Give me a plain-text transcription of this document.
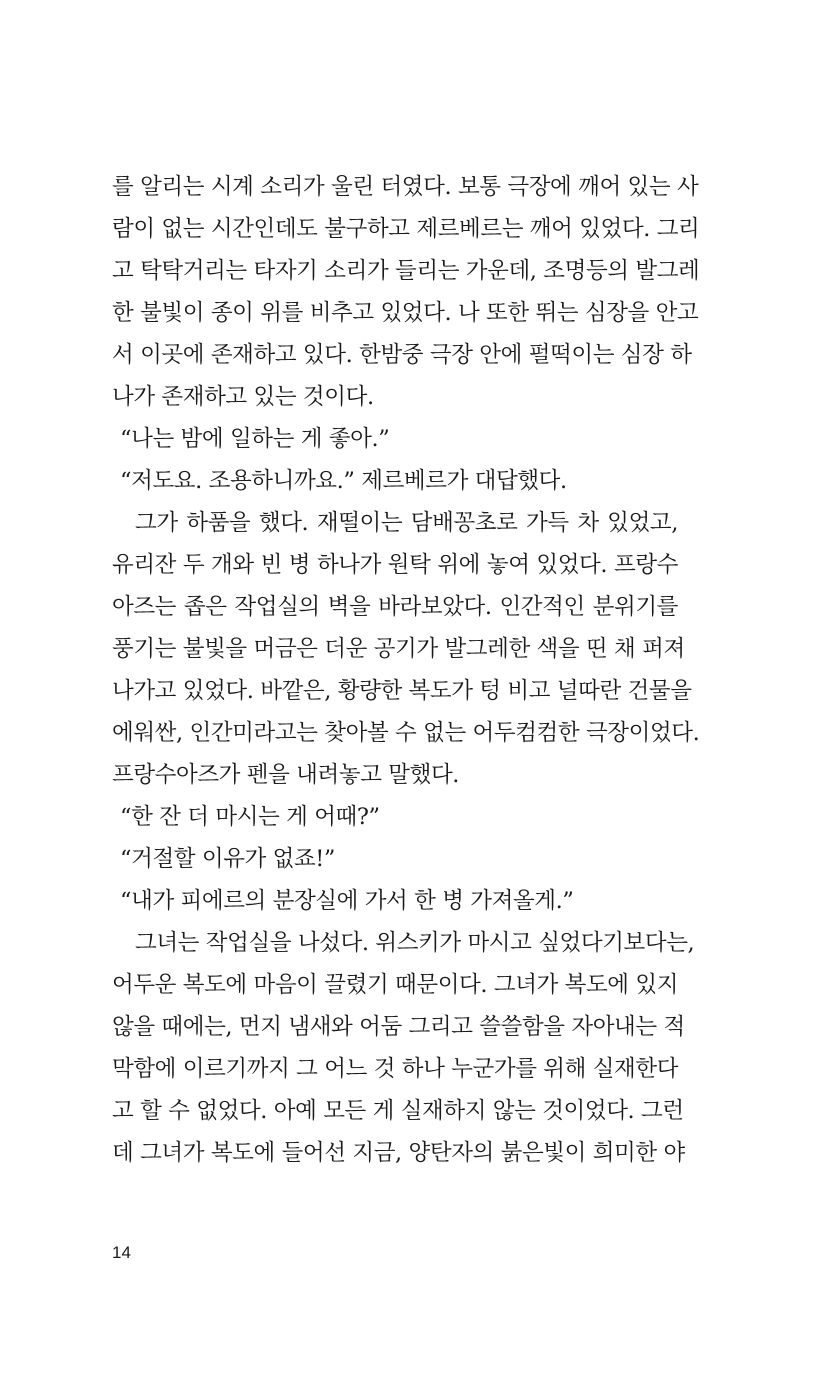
를 알리는 시계 소리가 울린 터였다. 보통 극장에 깨어 있는 사
람이 없는 시간인데도 불구하고 제르베르는 깨어 있었다. 그리
고 탁탁거리는 타자기 소리가 들리는 가운데, 조명등의 발그레
한 불빛이 종이 위를 비추고 있었다. 나 또한 뛰는 심장을 안고
서 이곳에 존재하고 있다. 한밤중 극장 안에 펄떡이는 심장 하
나가 존재하고 있는 것이다.
“나는 밤에 일하는 게 좋아.”
“저도요. 조용하니까요.” 제르베르가 대답했다.
그가 하품을 했다. 재떨이는 담배꽁초로 가득 차 있었고,
유리잔 두 개와 빈 병 하나가 원탁 위에 놓여 있었다. 프랑수
아즈는 좁은 작업실의 벽을 바라보았다. 인간적인 분위기를
풍기는 불빛을 머금은 더운 공기가 발그레한 색을 띤 채 퍼져
나가고 있었다. 바깥은, 황량한 복도가 텅 비고 널따란 건물을
에워싼, 인간미라고는 찾아볼 수 없는 어두컴컴한 극장이었다.
프랑수아즈가 펜을 내려놓고 말했다.
“한 잔 더 마시는 게 어때?”
“거절할 이유가 없죠!”
“내가 피에르의 분장실에 가서 한 병 가져올게.”
그녀는 작업실을 나섰다. 위스키가 마시고 싶었다기보다는,
어두운 복도에 마음이 끌렸기 때문이다. 그녀가 복도에 있지
않을 때에는, 먼지 냄새와 어둠 그리고 쓸쓸함을 자아내는 적
막함에 이르기까지 그 어느 것 하나 누군가를 위해 실재한다
고 할 수 없었다. 아예 모든 게 실재하지 않는 것이었다. 그런
데 그녀가 복도에 들어선 지금, 양탄자의 붉은빛이 희미한 야
14
